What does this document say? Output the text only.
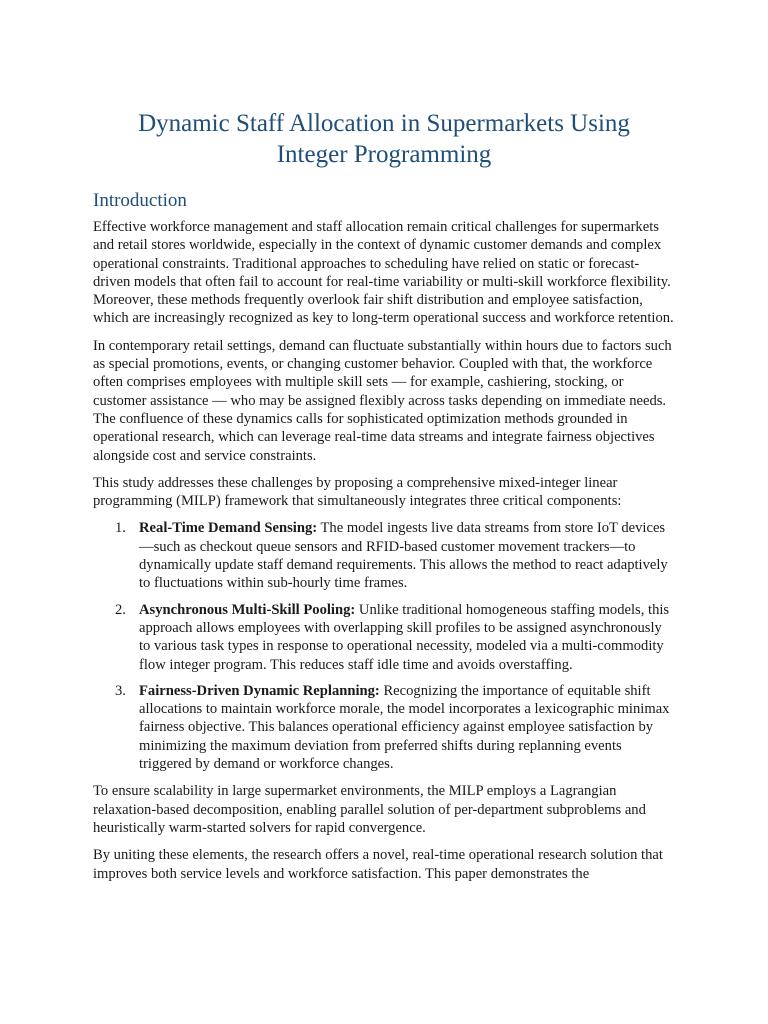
Dynamic Staff Allocation in Supermarkets Using
Integer Programming
Introduction

Effective workforce management and staff allocation remain critical challenges for supermarkets and retail stores worldwide, especially in the context of dynamic customer demands and complex operational constraints. Traditional approaches to scheduling have relied on static or forecast-driven models that often fail to account for real-time variability or multi-skill workforce flexibility. Moreover, these methods frequently overlook fair shift distribution and employee satisfaction, which are increasingly recognized as key to long-term operational success and workforce retention.

In contemporary retail settings, demand can fluctuate substantially within hours due to factors such as special promotions, events, or changing customer behavior. Coupled with that, the workforce often comprises employees with multiple skill sets — for example, cashiering, stocking, or customer assistance — who may be assigned flexibly across tasks depending on immediate needs. The confluence of these dynamics calls for sophisticated optimization methods grounded in operational research, which can leverage real-time data streams and integrate fairness objectives alongside cost and service constraints.

This study addresses these challenges by proposing a comprehensive mixed-integer linear programming (MILP) framework that simultaneously integrates three critical components:

1. Real-Time Demand Sensing: The model ingests live data streams from store IoT devices—such as checkout queue sensors and RFID-based customer movement trackers—to dynamically update staff demand requirements. This allows the method to react adaptively to fluctuations within sub-hourly time frames.
2. Asynchronous Multi-Skill Pooling: Unlike traditional homogeneous staffing models, this approach allows employees with overlapping skill profiles to be assigned asynchronously to various task types in response to operational necessity, modeled via a multi-commodity flow integer program. This reduces staff idle time and avoids overstaffing.
3. Fairness-Driven Dynamic Replanning: Recognizing the importance of equitable shift allocations to maintain workforce morale, the model incorporates a lexicographic minimax fairness objective. This balances operational efficiency against employee satisfaction by minimizing the maximum deviation from preferred shifts during replanning events triggered by demand or workforce changes.

To ensure scalability in large supermarket environments, the MILP employs a Lagrangian relaxation-based decomposition, enabling parallel solution of per-department subproblems and heuristically warm-started solvers for rapid convergence.

By uniting these elements, the research offers a novel, real-time operational research solution that improves both service levels and workforce satisfaction. This paper demonstrates the
